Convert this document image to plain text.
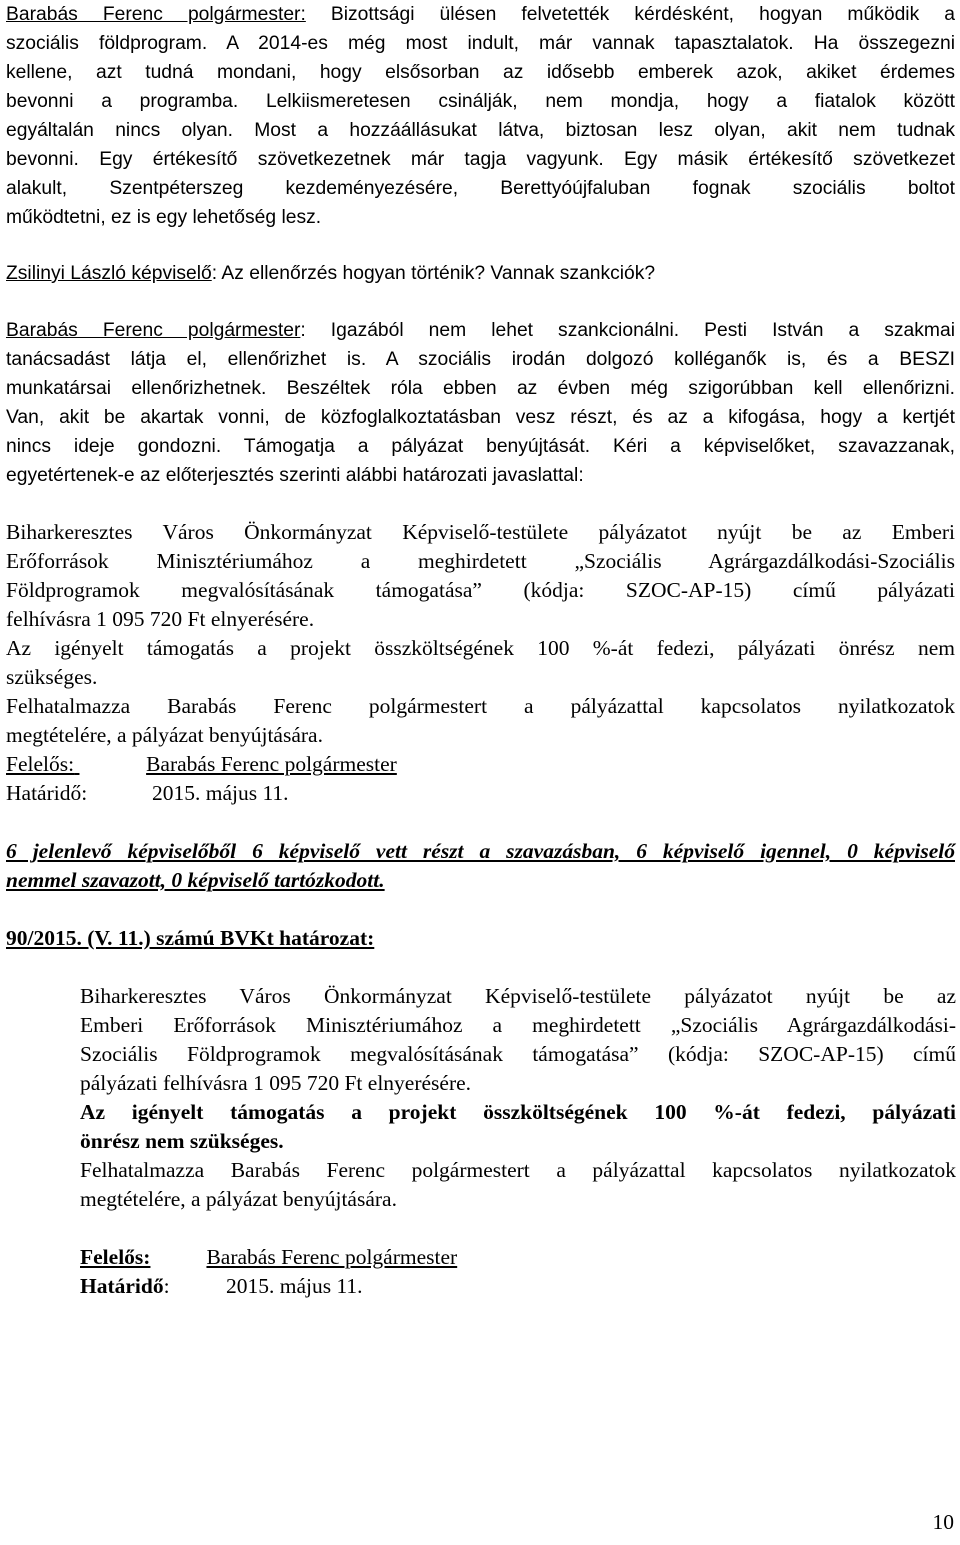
Barabás Ferenc polgármester: Bizottsági ülésen felvetették kérdésként, hogyan működik a
szociális földprogram. A 2014-es még most indult, már vannak tapasztalatok. Ha összegezni
kellene, azt tudná mondani, hogy elsősorban az idősebb emberek azok, akiket érdemes
bevonni a programba. Lelkiismeretesen csinálják, nem mondja, hogy a fiatalok között
egyáltalán nincs olyan. Most a hozzáállásukat látva, biztosan lesz olyan, akit nem tudnak
bevonni. Egy értékesítő szövetkezetnek már tagja vagyunk. Egy másik értékesítő szövetkezet
alakult, Szentpéterszeg kezdeményezésére, Berettyóújfaluban fognak szociális boltot
működtetni, ez is egy lehetőség lesz.
Zsilinyi László képviselő: Az ellenőrzés hogyan történik? Vannak szankciók?
Barabás Ferenc polgármester: Igazából nem lehet szankcionálni. Pesti István a szakmai
tanácsadást látja el, ellenőrizhet is. A szociális irodán dolgozó kolléganők is, és a BESZI
munkatársai ellenőrizhetnek. Beszéltek róla ebben az évben még szigorúbban kell ellenőrizni.
Van, akit be akartak vonni, de közfoglalkoztatásban vesz részt, és az a kifogása, hogy a kertjét
nincs ideje gondozni. Támogatja a pályázat benyújtását. Kéri a képviselőket, szavazzanak,
egyetértenek-e az előterjesztés szerinti alábbi határozati javaslattal:
Biharkeresztes Város Önkormányzat Képviselő-testülete pályázatot nyújt be az Emberi
Erőforrások Minisztériumához a meghirdetett „Szociális Agrárgazdálkodási-Szociális
Földprogramok megvalósításának támogatása” (kódja: SZOC-AP-15) című pályázati
felhívásra 1 095 720 Ft elnyerésére.
Az igényelt támogatás a projekt összköltségének 100 %-át fedezi, pályázati önrész nem
szükséges.
Felhatalmazza Barabás Ferenc polgármestert a pályázattal kapcsolatos nyilatkozatok
megtételére, a pályázat benyújtására.
Felelős:	Barabás Ferenc polgármester
Határidő:	2015. május 11.
6 jelenlevő képviselőből 6 képviselő vett részt a szavazásban, 6 képviselő igennel, 0 képviselő
nemmel szavazott, 0 képviselő tartózkodott.
90/2015. (V. 11.) számú BVKt határozat:
Biharkeresztes Város Önkormányzat Képviselő-testülete pályázatot nyújt be az
Emberi Erőforrások Minisztériumához a meghirdetett „Szociális Agrárgazdálkodási-
Szociális Földprogramok megvalósításának támogatása” (kódja: SZOC-AP-15) című
pályázati felhívásra 1 095 720 Ft elnyerésére.
Az igényelt támogatás a projekt összköltségének 100 %-át fedezi, pályázati
önrész nem szükséges.
Felhatalmazza Barabás Ferenc polgármestert a pályázattal kapcsolatos nyilatkozatok
megtételére, a pályázat benyújtására.
Felelős:	Barabás Ferenc polgármester
Határidő:	2015. május 11.
10
